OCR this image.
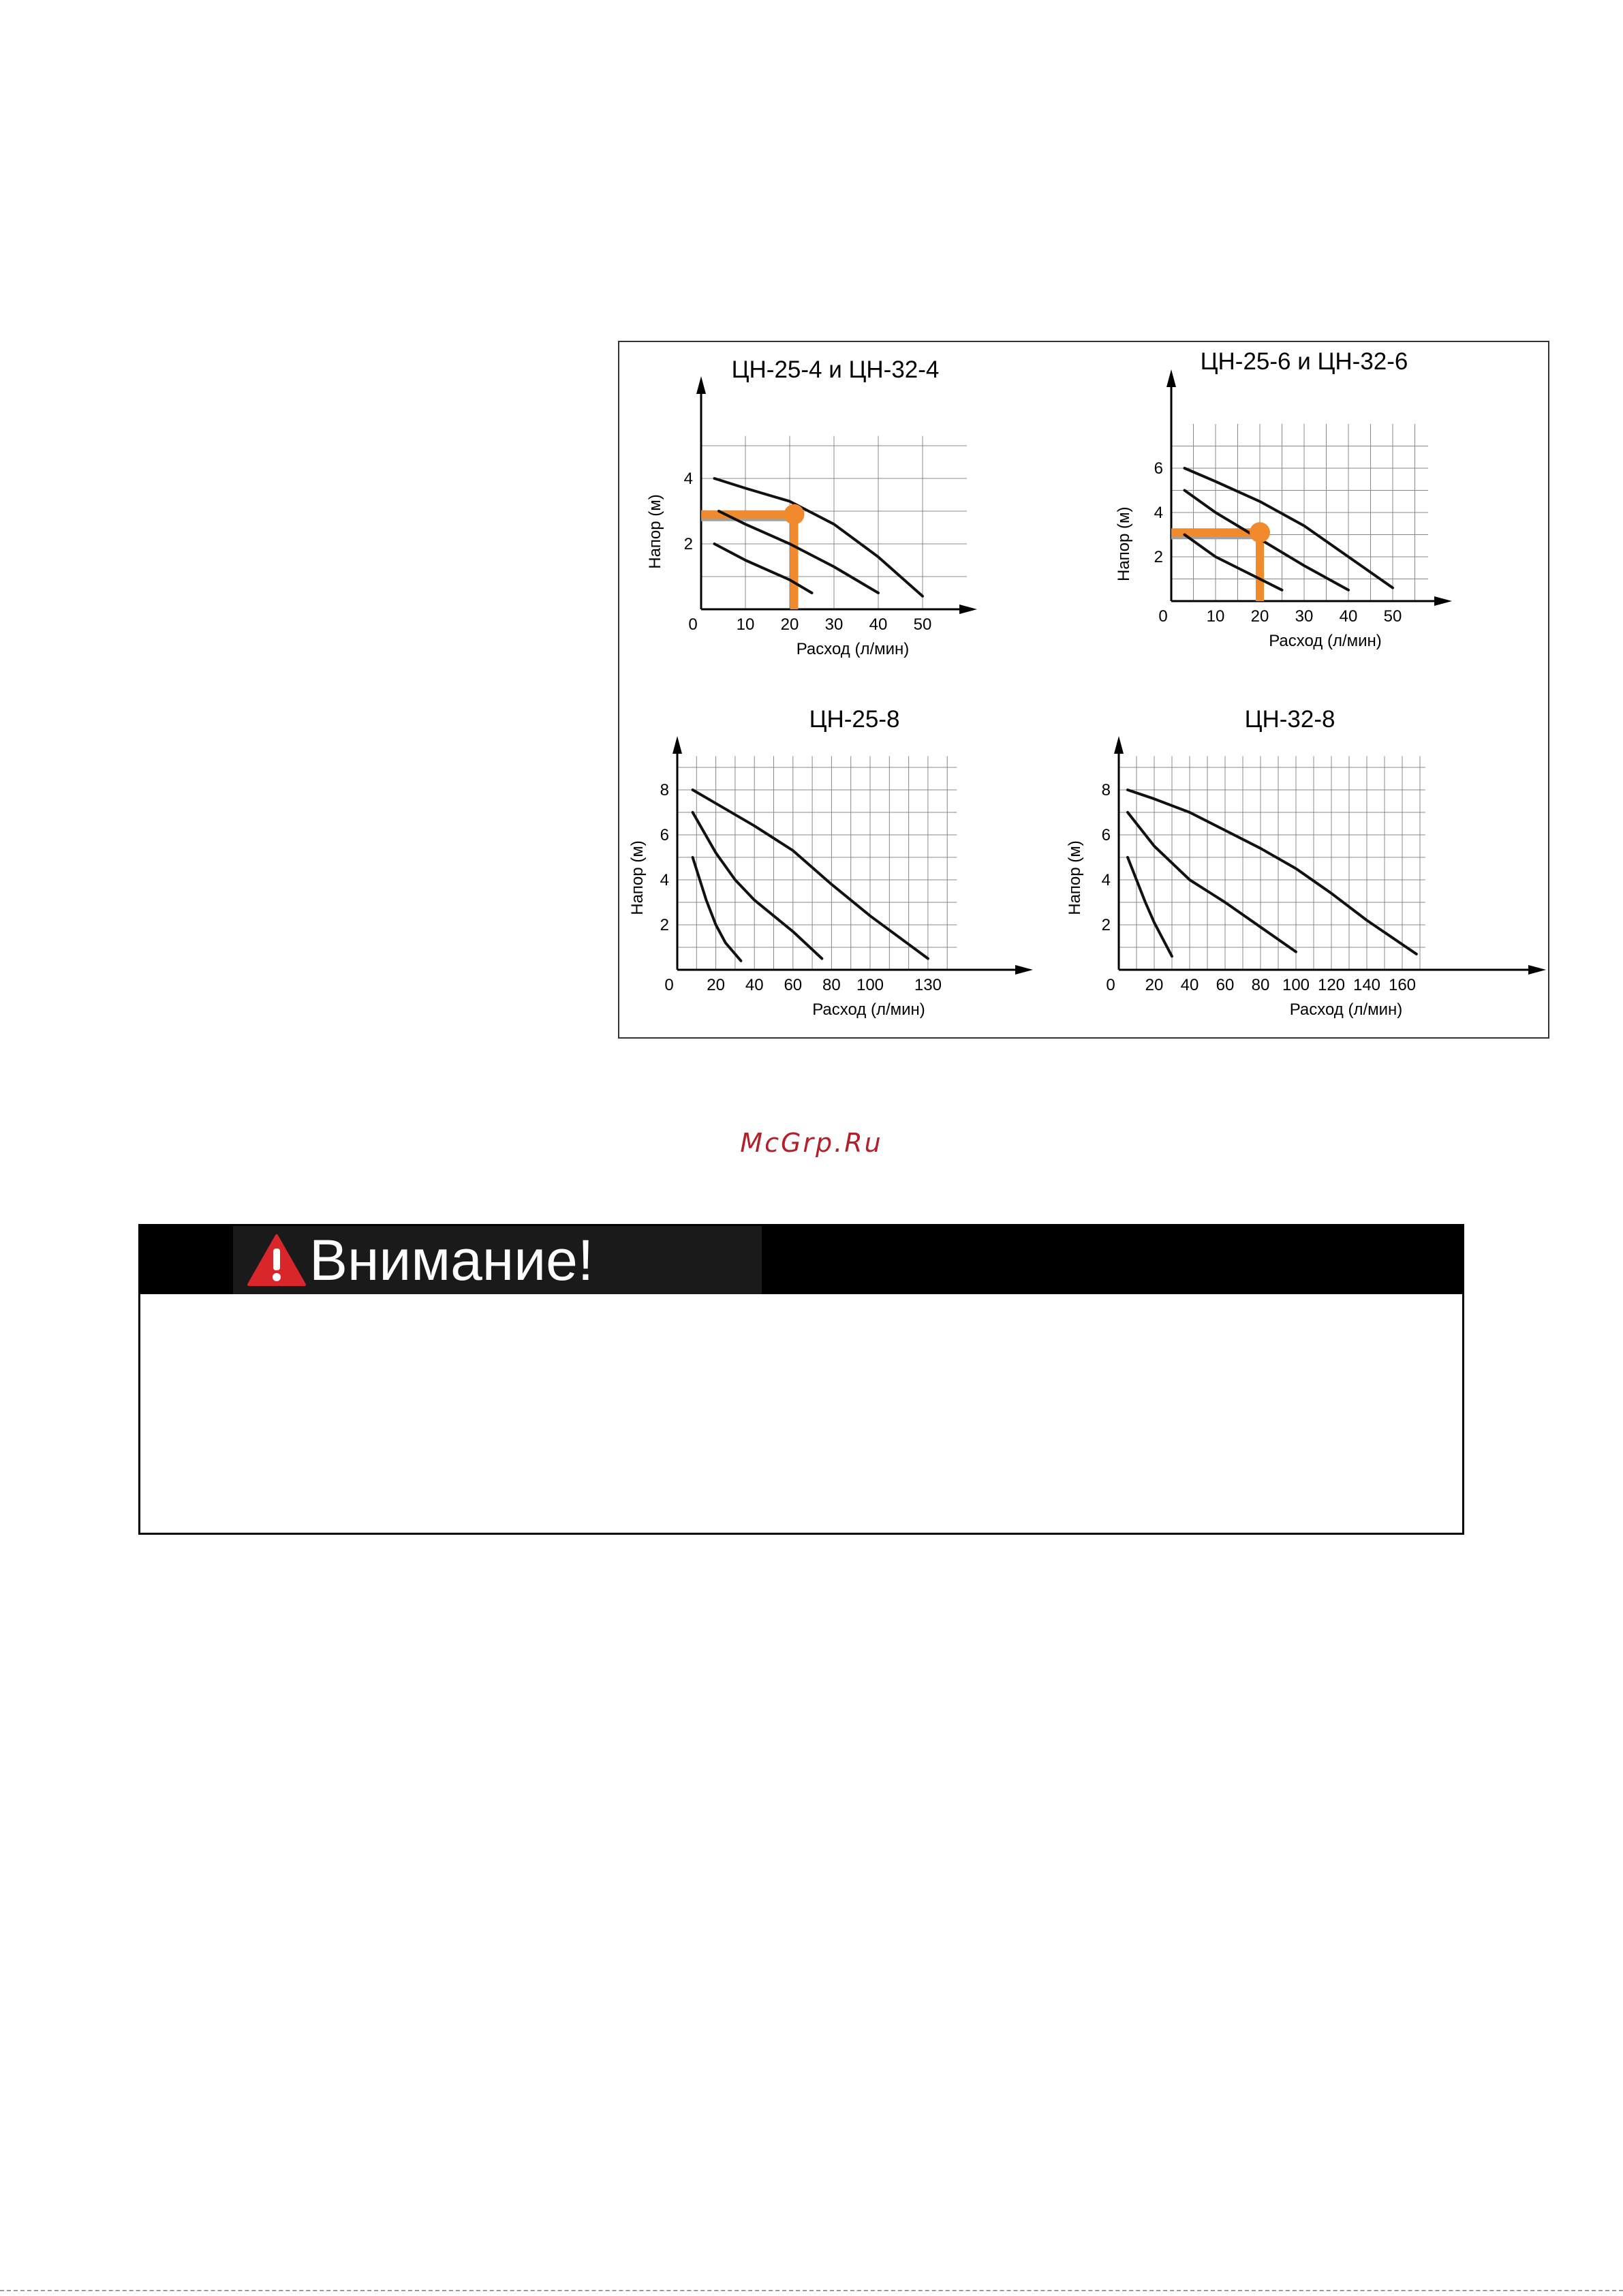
0 10 20 30 40 50
2
4
ЦН-25-4 и ЦН-32-4
Расход (л/мин)
Напор (м)
0 10 20 30 40 50
2
4
6
ЦН-25-6 и ЦН-32-6
Расход (л/мин)
Напор (м)
0 20 40 60 80 100 130
2
4
6
8
ЦН-25-8
Расход (л/мин)
Напор (м)
0 20 40 60 80 100 120 140 160
2
4
6
8
ЦН-32-8
Расход (л/мин)
Напор (м)
McGrp.Ru
Внимание!
